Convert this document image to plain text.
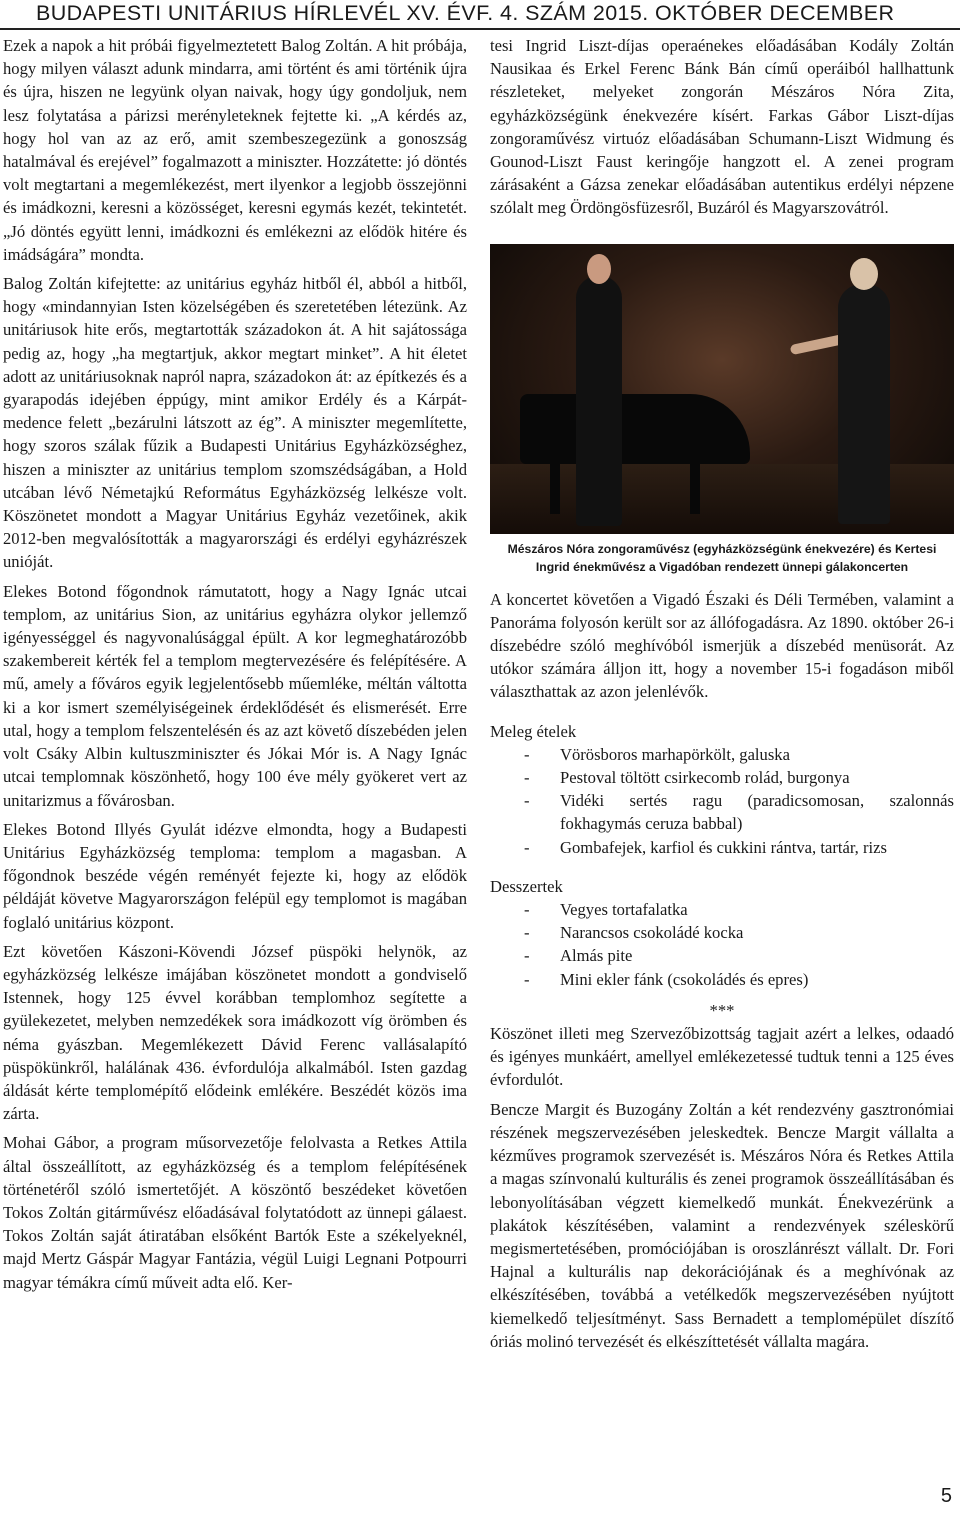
BUDAPESTI UNITÁRIUS HÍRLEVÉL XV. ÉVF. 4. SZÁM 2015. OKTÓBER DECEMBER

Ezek a napok a hit próbái figyelmeztetett Balog Zoltán. A hit próbája, hogy milyen választ adunk mindarra, ami történt és ami történik újra és újra, hiszen ne legyünk olyan naivak, hogy úgy gondoljuk, nem lesz folytatása a párizsi merényleteknek fejtette ki. „A kérdés az, hogy hol van az az erő, amit szembeszegezünk a gonoszság hatalmával és erejével” fogalmazott a miniszter. Hozzátette: jó döntés volt megtartani a megemlékezést, mert ilyenkor a legjobb összejönni és imádkozni, keresni a közösséget, keresni egymás kezét, tekintetét. „Jó döntés együtt lenni, imádkozni és emlékezni az elődök hitére és imádságára” mondta.

Balog Zoltán kifejtette: az unitárius egyház hitből él, abból a hitből, hogy «mindannyian Isten közelségében és szeretetében létezünk. Az unitáriusok hite erős, megtartották századokon át. A hit sajátossága pedig az, hogy „ha megtartjuk, akkor megtart minket”. A hit életet adott az unitáriusoknak napról napra, századokon át: az építkezés és a gyarapodás idejében éppúgy, mint amikor Erdély és a Kárpát-medence felett „bezárulni látszott az ég”. A miniszter megemlítette, hogy szoros szálak fűzik a Budapesti Unitárius Egyházközséghez, hiszen a miniszter az unitárius templom szomszédságában, a Hold utcában lévő Németajkú Református Egyházközség lelkésze volt. Köszönetet mondott a Magyar Unitárius Egyház vezetőinek, akik 2012-ben megvalósították a magyarországi és erdélyi egyházrészek unióját.

Elekes Botond főgondnok rámutatott, hogy a Nagy Ignác utcai templom, az unitárius Sion, az unitárius egyházra olykor jellemző igényességgel és nagyvonalúsággal épült. A kor legmeghatározóbb szakembereit kérték fel a templom megtervezésére és felépítésére. A mű, amely a főváros egyik legjelentősebb műemléke, méltán váltotta ki a kor ismert személyiségeinek érdeklődését és elismerését. Erre utal, hogy a templom felszentelésén és az azt követő díszebéden jelen volt Csáky Albin kultuszminiszter és Jókai Mór is. A Nagy Ignác utcai templomnak köszönhető, hogy 100 éve mély gyökeret vert az unitarizmus a fővárosban.

Elekes Botond Illyés Gyulát idézve elmondta, hogy a Budapesti Unitárius Egyházközség temploma: templom a magasban. A főgondnok beszéde végén reményét fejezte ki, hogy az elődök példáját követve Magyarországon felépül egy templomot is magában foglaló unitárius központ.

Ezt követően Kászoni-Kövendi József püspöki helynök, az egyházközség lelkésze imájában köszönetet mondott a gondviselő Istennek, hogy 125 évvel korábban templomhoz segítette a gyülekezetet, melyben nemzedékek sora imádkozott víg örömben és néma gyászban. Megemlékezett Dávid Ferenc vallásalapító püspökünkről, halálának 436. évfordulója alkalmából. Isten gazdag áldását kérte templomépítő elődeink emlékére. Beszédét közös ima zárta.

Mohai Gábor, a program műsorvezetője felolvasta a Retkes Attila által összeállított, az egyházközség és a templom felépítésének történetéről szóló ismertetőjét. A köszöntő beszédeket követően Tokos Zoltán gitárművész előadásával folytatódott az ünnepi gálaest. Tokos Zoltán saját átiratában elsőként Bartók Este a székelyeknél, majd Mertz Gáspár Magyar Fantázia, végül Luigi Legnani Potpourri magyar témákra című műveit adta elő. Ker-

tesi Ingrid Liszt-díjas operaénekes előadásában Kodály Zoltán Nausikaa és Erkel Ferenc Bánk Bán című operáiból hallhattunk részleteket, melyeket zongorán Mészáros Nóra Zita, egyházközségünk énekvezére kísért. Farkas Gábor Liszt-díjas zongoraművész virtuóz előadásában Schumann-Liszt Widmung és Gounod-Liszt Faust keringője hangzott el. A zenei program zárásaként a Gázsa zenekar előadásában autentikus erdélyi népzene szólalt meg Ördöngösfüzesről, Buzáról és Magyarszovátról.

Mészáros Nóra zongoraművész (egyházközségünk énekvezére) és Kertesi Ingrid énekművész a Vigadóban rendezett ünnepi gálakoncerten

A koncertet követően a Vigadó Északi és Déli Termében, valamint a Panoráma folyosón került sor az állófogadásra. Az 1890. október 26-i díszebédre szóló meghívóból ismerjük a díszebéd menüsorát. Az utókor számára álljon itt, hogy a november 15-i fogadáson miből választhattak az azon jelenlévők.

Meleg ételek
- Vörösboros marhapörkölt, galuska
- Pestoval töltött csirkecomb rolád, burgonya
- Vidéki sertés ragu (paradicsomosan, szalonnás fokhagymás ceruza babbal)
- Gombafejek, karfiol és cukkini rántva, tartár, rizs
Desszertek
- Vegyes tortafalatka
- Narancsos csokoládé kocka
- Almás pite
- Mini ekler fánk (csokoládés és epres)
***

Köszönet illeti meg Szervezőbizottság tagjait azért a lelkes, odaadó és igényes munkáért, amellyel emlékezetessé tudtuk tenni a 125 éves évfordulót.

Bencze Margit és Buzogány Zoltán a két rendezvény gasztronómiai részének megszervezésében jeleskedtek. Bencze Margit vállalta a kézműves programok szervezését is. Mészáros Nóra és Retkes Attila a magas színvonalú kulturális és zenei programok összeállításában és lebonyolításában végzett kiemelkedő munkát. Énekvezérünk a plakátok készítésében, valamint a rendezvények széleskörű megismertetésében, promóciójában is oroszlánrészt vállalt. Dr. Fori Hajnal a kulturális nap dekorációjának és a meghívónak az elkészítésében, továbbá a vetélkedők megszervezésében nyújtott kiemelkedő teljesítményt. Sass Bernadett a templomépület díszítő óriás molinó tervezését és elkészíttetését vállalta magára.

5
